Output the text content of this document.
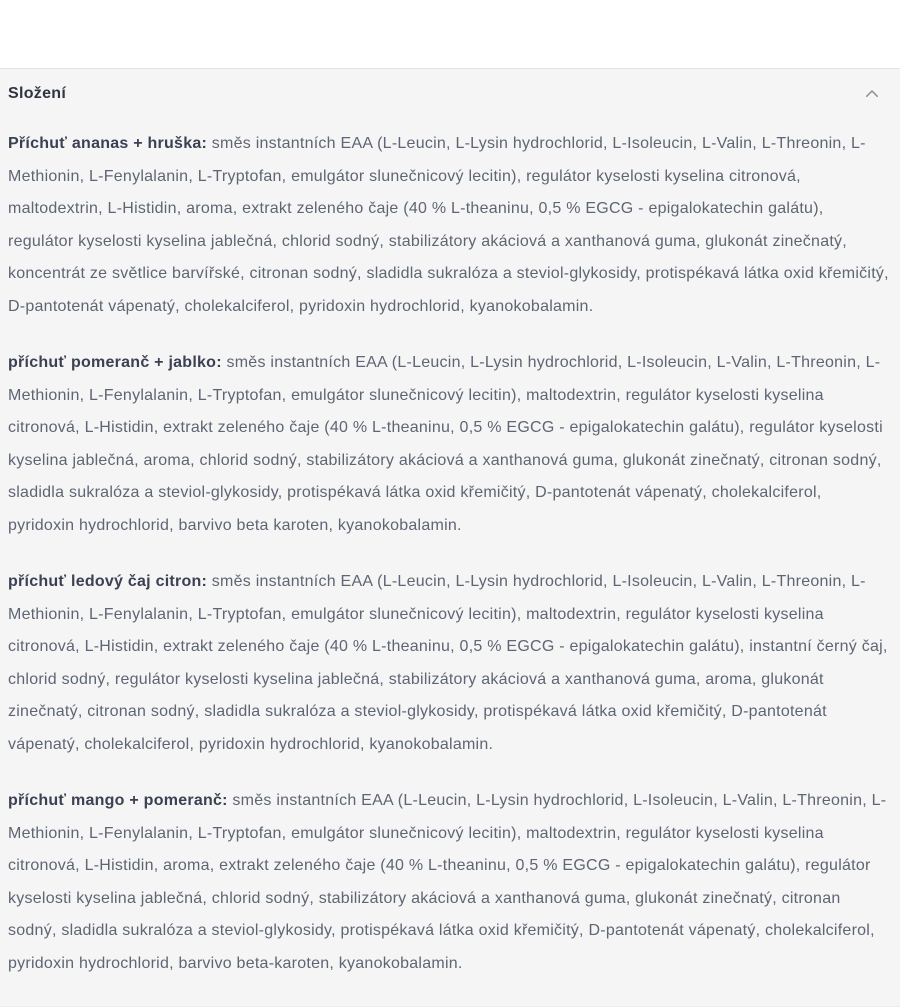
Složení

Příchuť ananas + hruška: směs instantních EAA (L-Leucin, L-Lysin hydrochlorid, L-Isoleucin, L-Valin, L-Threonin, L-Methionin, L-Fenylalanin, L-Tryptofan, emulgátor slunečnicový lecitin), regulátor kyselosti kyselina citronová, maltodextrin, L-Histidin, aroma, extrakt zeleného čaje (40 % L-theaninu, 0,5 % EGCG - epigalokatechin galátu), regulátor kyselosti kyselina jablečná, chlorid sodný, stabilizátory akáciová a xanthanová guma, glukonát zinečnatý, koncentrát ze světlice barvířské, citronan sodný, sladidla sukralóza a steviol-glykosidy, protispékavá látka oxid křemičitý, D-pantotenát vápenatý, cholekalciferol, pyridoxin hydrochlorid, kyanokobalamin.

příchuť pomeranč + jablko: směs instantních EAA (L-Leucin, L-Lysin hydrochlorid, L-Isoleucin, L-Valin, L-Threonin, L-Methionin, L-Fenylalanin, L-Tryptofan, emulgátor slunečnicový lecitin), maltodextrin, regulátor kyselosti kyselina citronová, L-Histidin, extrakt zeleného čaje (40 % L-theaninu, 0,5 % EGCG - epigalokatechin galátu), regulátor kyselosti kyselina jablečná, aroma, chlorid sodný, stabilizátory akáciová a xanthanová guma, glukonát zinečnatý, citronan sodný, sladidla sukralóza a steviol-glykosidy, protispékavá látka oxid křemičitý, D-pantotenát vápenatý, cholekalciferol, pyridoxin hydrochlorid, barvivo beta karoten, kyanokobalamin.

příchuť ledový čaj citron: směs instantních EAA (L-Leucin, L-Lysin hydrochlorid, L-Isoleucin, L-Valin, L-Threonin, L-Methionin, L-Fenylalanin, L-Tryptofan, emulgátor slunečnicový lecitin), maltodextrin, regulátor kyselosti kyselina citronová, L-Histidin, extrakt zeleného čaje (40 % L-theaninu, 0,5 % EGCG - epigalokatechin galátu), instantní černý čaj, chlorid sodný, regulátor kyselosti kyselina jablečná, stabilizátory akáciová a xanthanová guma, aroma, glukonát zinečnatý, citronan sodný, sladidla sukralóza a steviol-glykosidy, protispékavá látka oxid křemičitý, D-pantotenát vápenatý, cholekalciferol, pyridoxin hydrochlorid, kyanokobalamin.

příchuť mango + pomeranč: směs instantních EAA (L-Leucin, L-Lysin hydrochlorid, L-Isoleucin, L-Valin, L-Threonin, L-Methionin, L-Fenylalanin, L-Tryptofan, emulgátor slunečnicový lecitin), maltodextrin, regulátor kyselosti kyselina citronová, L-Histidin, aroma, extrakt zeleného čaje (40 % L-theaninu, 0,5 % EGCG - epigalokatechin galátu), regulátor kyselosti kyselina jablečná, chlorid sodný, stabilizátory akáciová a xanthanová guma, glukonát zinečnatý, citronan sodný, sladidla sukralóza a steviol-glykosidy, protispékavá látka oxid křemičitý, D-pantotenát vápenatý, cholekalciferol, pyridoxin hydrochlorid, barvivo beta-karoten, kyanokobalamin.
